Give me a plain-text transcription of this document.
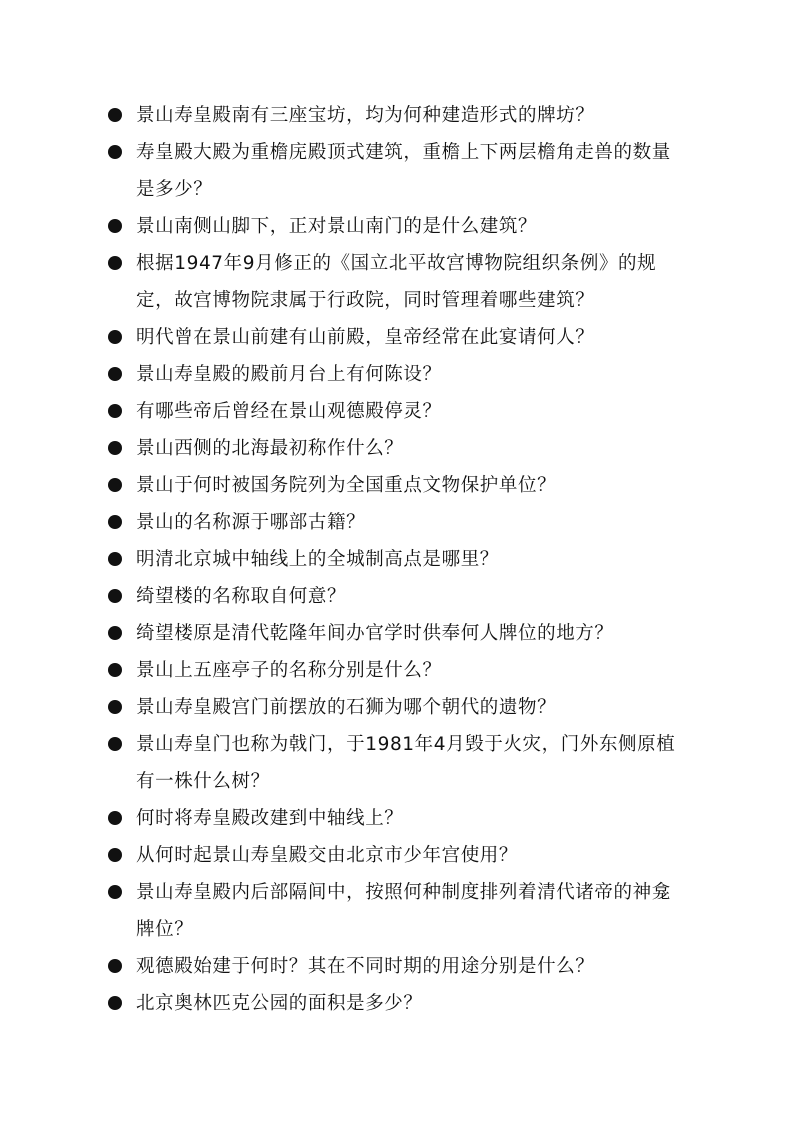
景山寿皇殿南有三座宝坊，均为何种建造形式的牌坊？
寿皇殿大殿为重檐庑殿顶式建筑，重檐上下两层檐角走兽的数量是多少？
景山南侧山脚下，正对景山南门的是什么建筑？
根据1947年9月修正的《国立北平故宫博物院组织条例》的规定，故宫博物院隶属于行政院，同时管理着哪些建筑？
明代曾在景山前建有山前殿，皇帝经常在此宴请何人？
景山寿皇殿的殿前月台上有何陈设？
有哪些帝后曾经在景山观德殿停灵？
景山西侧的北海最初称作什么？
景山于何时被国务院列为全国重点文物保护单位？
景山的名称源于哪部古籍？
明清北京城中轴线上的全城制高点是哪里？
绮望楼的名称取自何意？
绮望楼原是清代乾隆年间办官学时供奉何人牌位的地方？
景山上五座亭子的名称分别是什么？
景山寿皇殿宫门前摆放的石狮为哪个朝代的遗物？
景山寿皇门也称为戟门，于1981年4月毁于火灾，门外东侧原植有一株什么树？
何时将寿皇殿改建到中轴线上？
从何时起景山寿皇殿交由北京市少年宫使用？
景山寿皇殿内后部隔间中，按照何种制度排列着清代诸帝的神龛牌位？
观德殿始建于何时？其在不同时期的用途分别是什么？
北京奥林匹克公园的面积是多少？
